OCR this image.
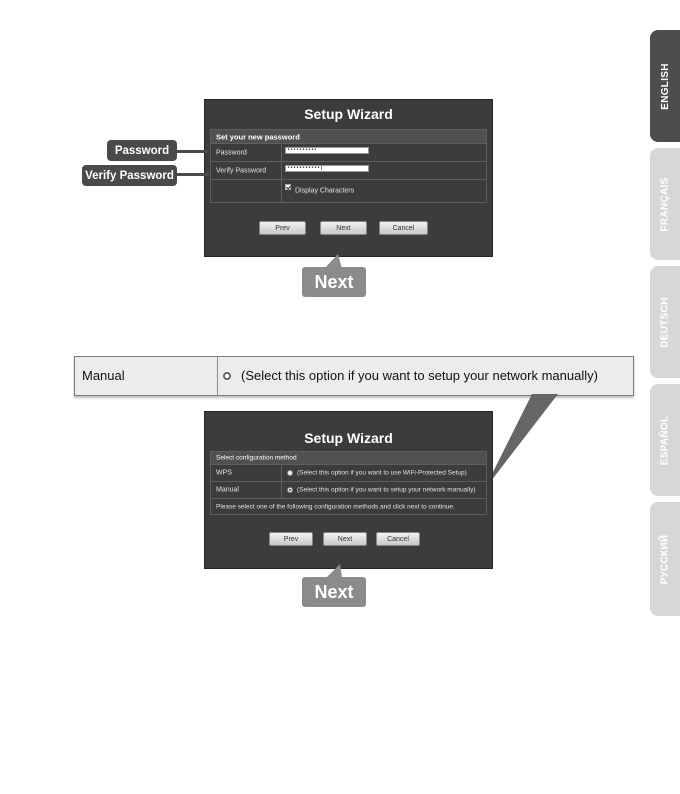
ENGLISH
FRANÇAIS
DEUTSCH
ESPAÑOL
РУССКИЙ
Setup Wizard
Set your new password
Password	••••••••••
Verify Password	•••••••••••|
Display Characters
Prev	Next	Cancel
Password
Verify Password
Next
Manual	(Select this option if you want to setup your network manually)
Setup Wizard
Select configuration method
WPS	(Select this option if you want to use WiFi-Protected Setup)
Manual	(Select this option if you want to setup your network manually)
Please select one of the following configuration methods and click next to continue.
Prev	Next	Cancel
Next
